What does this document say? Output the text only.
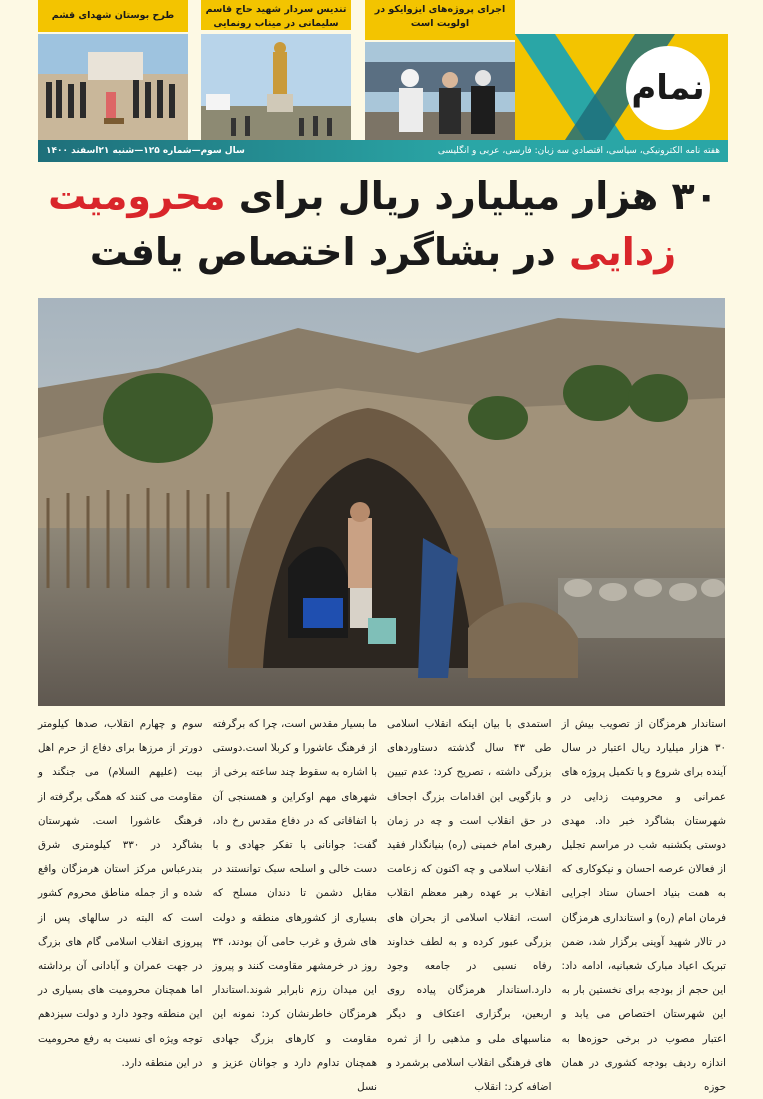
طرح بوستان شهدای قشم
تندیس سردار شهید حاج قاسم سلیمانی در میناب رونمایی
اجرای پروژه‌های ایزوایکو در اولویت است
نمام
هفته نامه الکترونیکی، سیاسی، اقتصادی سه زبان: فارسی، عربی و انگلیسی
سال سوم—شماره ۱۲۵—شنبه ۲۱اسفند ۱۴۰۰
۳۰ هزار میلیارد ریال برای محرومیت زدایی در بشاگرد اختصاص یافت
استاندار هرمزگان از تصویب بیش از ۳۰ هزار میلیارد ریال اعتبار در سال آینده برای شروع و یا تکمیل پروژه های عمرانی و محرومیت زدایی در شهرستان بشاگرد خبر داد. مهدی دوستی یکشنبه شب در مراسم تجلیل از فعالان عرصه احسان و نیکوکاری که به همت بنیاد احسان ستاد اجرایی فرمان امام (ره) و استانداری هرمزگان در تالار شهید آوینی برگزار شد، ضمن تبریک اعیاد مبارک شعبانیه، ادامه داد: این حجم از بودجه برای نخستین بار به این شهرستان اختصاص می یابد و اعتبار مصوب در برخی حوزه‌ها به اندازه ردیف بودجه کشوری در همان حوزه
استمدی با بیان اینکه انقلاب اسلامی طی ۴۳ سال گذشته دستاوردهای بزرگی داشته ، تصریح کرد: عدم تبیین و بازگویی این اقدامات بزرگ اجحاف در حق انقلاب است و چه در زمان رهبری امام خمینی (ره) بنیانگذار فقید انقلاب اسلامی و چه اکنون که زعامت انقلاب بر عهده رهبر معظم انقلاب است، انقلاب اسلامی از بحران های بزرگی عبور کرده و به لطف خداوند رفاه نسبی در جامعه وجود دارد.استاندار هرمزگان پیاده روی اربعین، برگزاری اعتکاف و دیگر مناسبهای ملی و مذهبی را از ثمره های فرهنگی انقلاب اسلامی برشمرد و اضافه کرد: انقلاب
ما بسیار مقدس است، چرا که برگرفته از فرهنگ عاشورا و کربلا است.دوستی با اشاره به سقوط چند ساعته برخی از شهرهای مهم اوکراین و همسنجی آن با اتفاقاتی که در دفاع مقدس رخ داد، گفت: جوانانی با تفکر جهادی و با دست خالی و اسلحه سبک توانستند در مقابل دشمن تا دندان مسلح که بسیاری از کشورهای منطقه و دولت های شرق و غرب حامی آن بودند، ۳۴ روز در خرمشهر مقاومت کنند و پیروز این میدان رزم نابرابر شوند.استاندار هرمزگان خاطرنشان کرد: نمونه این مقاومت و کارهای بزرگ جهادی همچنان تداوم دارد و جوانان عزیز و نسل
سوم و چهارم انقلاب، صدها کیلومتر دورتر از مرزها برای دفاع از حرم اهل بیت (علیهم السلام) می جنگند و مقاومت می کنند که همگی برگرفته از فرهنگ عاشورا است. شهرستان بشاگرد در ۳۳۰ کیلومتری شرق بندرعباس مرکز استان هرمزگان واقع شده و از جمله مناطق محروم کشور است که البته در سالهای پس از پیروزی انقلاب اسلامی گام های بزرگ در جهت عمران و آبادانی آن برداشته اما همچنان محرومیت های بسیاری در این منطقه وجود دارد و دولت سیزدهم توجه ویژه ای نسبت به رفع محرومیت در این منطقه دارد.
